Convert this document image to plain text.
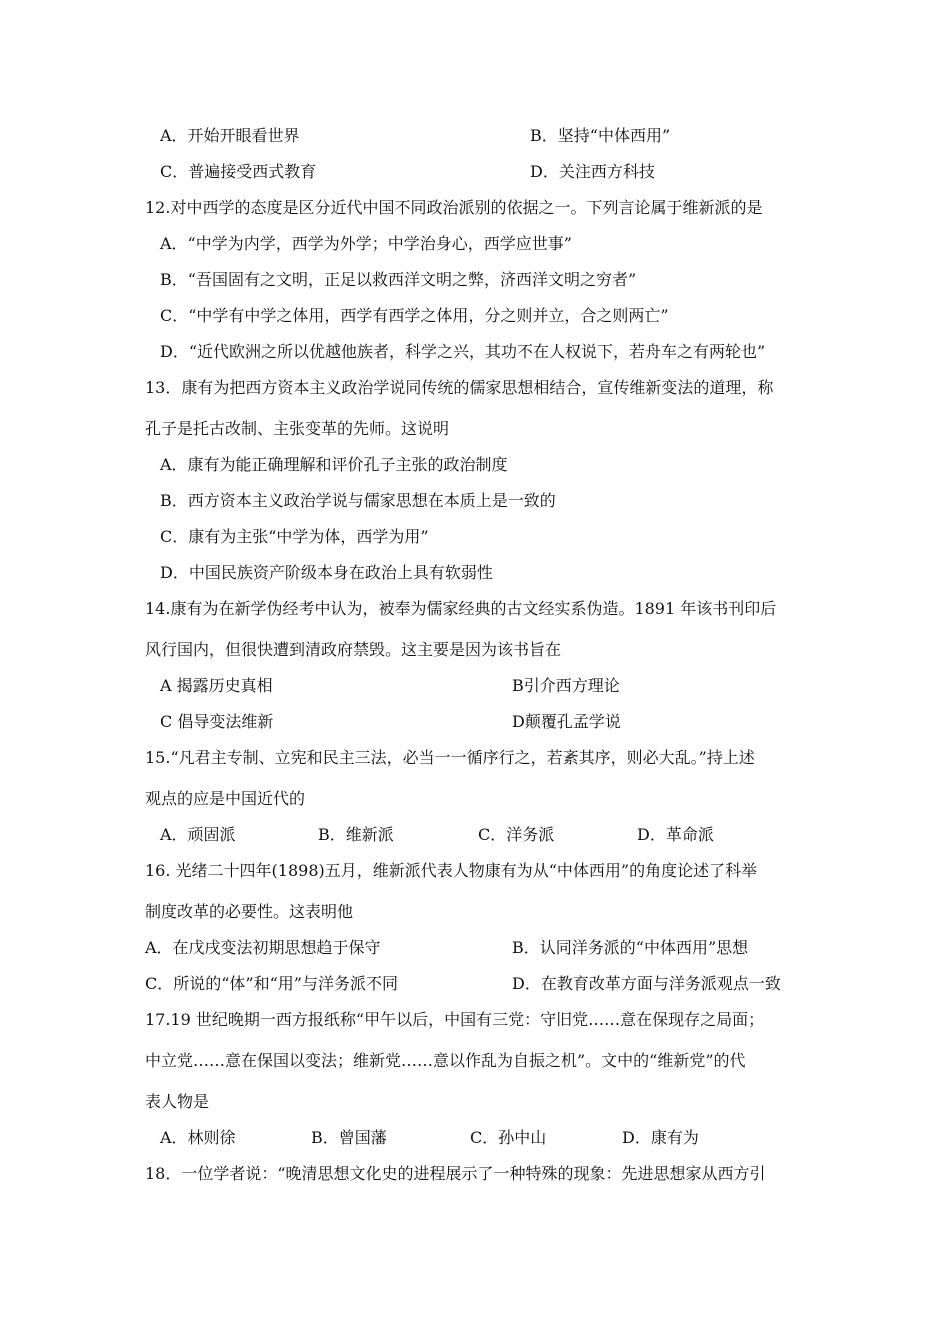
A．开始开眼看世界	B．坚持“中体西用”
C．普遍接受西式教育	D．关注西方科技
12.对中西学的态度是区分近代中国不同政治派别的依据之一。下列言论属于维新派的是
A．“中学为内学，西学为外学；中学治身心，西学应世事”
B．“吾国固有之文明，正足以救西洋文明之弊，济西洋文明之穷者”
C．“中学有中学之体用，西学有西学之体用，分之则并立，合之则两亡”
D．“近代欧洲之所以优越他族者，科学之兴，其功不在人权说下，若舟车之有两轮也”
13．康有为把西方资本主义政治学说同传统的儒家思想相结合，宣传维新变法的道理，称
孔子是托古改制、主张变革的先师。这说明
A．康有为能正确理解和评价孔子主张的政治制度
B．西方资本主义政治学说与儒家思想在本质上是一致的
C．康有为主张“中学为体，西学为用”
D．中国民族资产阶级本身在政治上具有软弱性
14.康有为在新学伪经考中认为，被奉为儒家经典的古文经实系伪造。1891 年该书刊印后
风行国内，但很快遭到清政府禁毁。这主要是因为该书旨在
A 揭露历史真相	B引介西方理论
C 倡导变法维新	D颠覆孔孟学说
15.“凡君主专制、立宪和民主三法，必当一一循序行之，若紊其序，则必大乱。”持上述
观点的应是中国近代的
A．顽固派	B．维新派	C．洋务派	D．革命派
16. 光绪二十四年(1898)五月，维新派代表人物康有为从“中体西用”的角度论述了科举
制度改革的必要性。这表明他
A．在戊戌变法初期思想趋于保守	B．认同洋务派的“中体西用”思想
C．所说的“体”和“用”与洋务派不同	D．在教育改革方面与洋务派观点一致
17.19 世纪晚期一西方报纸称“甲午以后，中国有三党：守旧党……意在保现存之局面；
中立党……意在保国以变法；维新党……意以作乱为自振之机”。文中的“维新党”的代
表人物是
A．林则徐	B．曾国藩	C．孙中山	D．康有为
18．一位学者说：“晚清思想文化史的进程展示了一种特殊的现象：先进思想家从西方引
